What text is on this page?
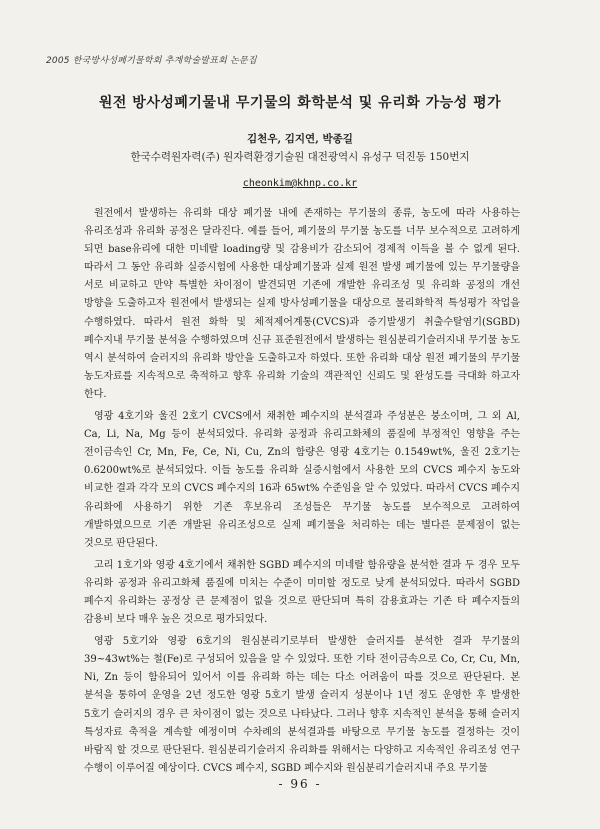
2005 한국방사성폐기물학회 추계학술발표회 논문집
원전 방사성폐기물내 무기물의 화학분석 및 유리화 가능성 평가
김천우, 김지연, 박종길
한국수력원자력(주) 원자력환경기술원 대전광역시 유성구 덕진동 150번지
cheonkim@khnp.co.kr

원전에서 발생하는 유리화 대상 폐기물 내에 존재하는 무기물의 종류, 농도에 따라 사용하는 유리조성과 유리화 공정은 달라진다. 예를 들어, 폐기물의 무기물 농도를 너무 보수적으로 고려하게 되면 base유리에 대한 미네랄 loading량 및 감용비가 감소되어 경제적 이득을 볼 수 없게 된다. 따라서 그 동안 유리화 실증시험에 사용한 대상폐기물과 실제 원전 발생 폐기물에 있는 무기물량을 서로 비교하고 만약 특별한 차이점이 발견되면 기존에 개발한 유리조성 및 유리화 공정의 개선 방향을 도출하고자 원전에서 발생되는 실제 방사성폐기물을 대상으로 물리화학적 특성평가 작업을 수행하였다. 따라서 원전 화학 및 체적제어계통(CVCS)과 증기발생기 취출수탈염기(SGBD) 폐수지내 무기물 분석을 수행하였으며 신규 표준원전에서 발생하는 원심분리기슬러지내 무기물 농도 역시 분석하여 슬러지의 유리화 방안을 도출하고자 하였다. 또한 유리화 대상 원전 폐기물의 무기물 농도자료를 지속적으로 축적하고 향후 유리화 기술의 객관적인 신뢰도 및 완성도를 극대화 하고자 한다.

영광 4호기와 울진 2호기 CVCS에서 채취한 폐수지의 분석결과 주성분은 붕소이며, 그 외 Al, Ca, Li, Na, Mg 등이 분석되었다. 유리화 공정과 유리고화체의 품질에 부정적인 영향을 주는 전이금속인 Cr, Mn, Fe, Ce, Ni, Cu, Zn의 함량은 영광 4호기는 0.1549wt%, 울진 2호기는 0.6200wt%로 분석되었다. 이들 농도를 유리화 실증시험에서 사용한 모의 CVCS 폐수지 농도와 비교한 결과 각각 모의 CVCS 폐수지의 16과 65wt% 수준임을 알 수 있었다. 따라서 CVCS 폐수지 유리화에 사용하기 위한 기존 후보유리 조성들은 무기물 농도를 보수적으로 고려하여 개발하였으므로 기존 개발된 유리조성으로 실제 폐기물을 처리하는 데는 별다른 문제점이 없는 것으로 판단된다.

고리 1호기와 영광 4호기에서 채취한 SGBD 폐수지의 미네랄 함유량을 분석한 결과 두 경우 모두 유리화 공정과 유리고화체 품질에 미치는 수준이 미미할 정도로 낮게 분석되었다. 따라서 SGBD 폐수지 유리화는 공정상 큰 문제점이 없을 것으로 판단되며 특히 감용효과는 기존 타 폐수지들의 감용비 보다 매우 높은 것으로 평가되었다.

영광 5호기와 영광 6호기의 원심분리기로부터 발생한 슬러지를 분석한 결과 무기물의 39~43wt%는 철(Fe)로 구성되어 있음을 알 수 있었다. 또한 기타 전이금속으로 Co, Cr, Cu, Mn, Ni, Zn 등이 함유되어 있어서 이를 유리화 하는 데는 다소 어려움이 따를 것으로 판단된다. 본 분석을 통하여 운영을 2년 정도한 영광 5호기 발생 슬러지 성분이나 1년 정도 운영한 후 발생한 5호기 슬러지의 경우 큰 차이점이 없는 것으로 나타났다. 그러나 향후 지속적인 분석을 통해 슬러지 특성자료 축적을 계속할 예정이며 수차례의 분석결과를 바탕으로 무기물 농도를 결정하는 것이 바람직 할 것으로 판단된다. 원심분리기슬러지 유리화를 위해서는 다양하고 지속적인 유리조성 연구 수행이 이루어질 예상이다. CVCS 폐수지, SGBD 폐수지와 원심분리기슬러지내 주요 무기물

- 96 -
